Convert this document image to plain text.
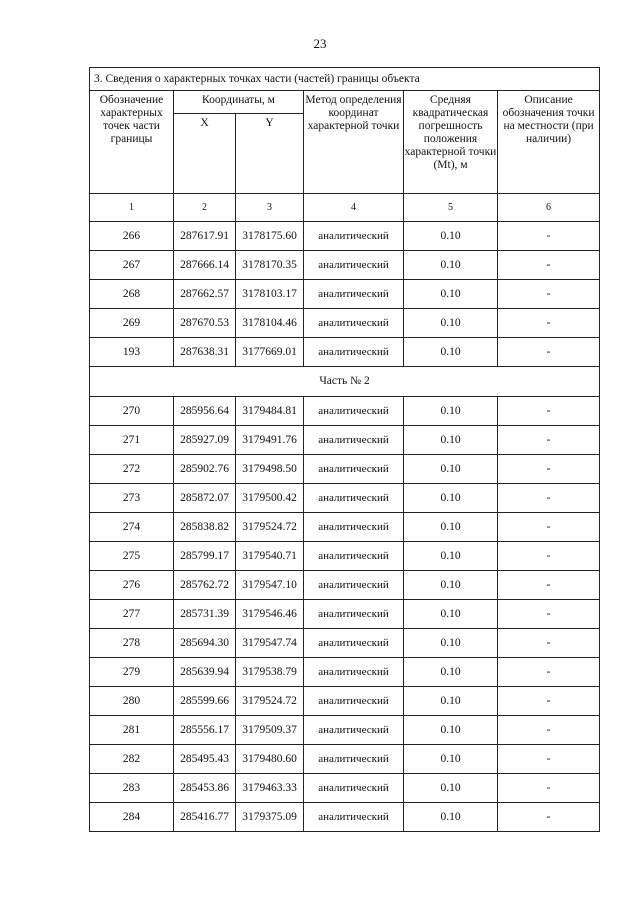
23
3. Сведения о характерных точках части (частей) границы объекта					
Обозначение характерных точек части границы	Координаты, м		Метод определения координат характерной точки	Средняя квадратическая погрешность положения характерной точки (Mt), м	Описание обозначения точки на местности (при наличии)
	X	Y			
1	2	3	4	5	6
266	287617.91	3178175.60	аналитический	0.10	-
267	287666.14	3178170.35	аналитический	0.10	-
268	287662.57	3178103.17	аналитический	0.10	-
269	287670.53	3178104.46	аналитический	0.10	-
193	287638.31	3177669.01	аналитический	0.10	-
Часть № 2					
270	285956.64	3179484.81	аналитический	0.10	-
271	285927.09	3179491.76	аналитический	0.10	-
272	285902.76	3179498.50	аналитический	0.10	-
273	285872.07	3179500.42	аналитический	0.10	-
274	285838.82	3179524.72	аналитический	0.10	-
275	285799.17	3179540.71	аналитический	0.10	-
276	285762.72	3179547.10	аналитический	0.10	-
277	285731.39	3179546.46	аналитический	0.10	-
278	285694.30	3179547.74	аналитический	0.10	-
279	285639.94	3179538.79	аналитический	0.10	-
280	285599.66	3179524.72	аналитический	0.10	-
281	285556.17	3179509.37	аналитический	0.10	-
282	285495.43	3179480.60	аналитический	0.10	-
283	285453.86	3179463.33	аналитический	0.10	-
284	285416.77	3179375.09	аналитический	0.10	-
